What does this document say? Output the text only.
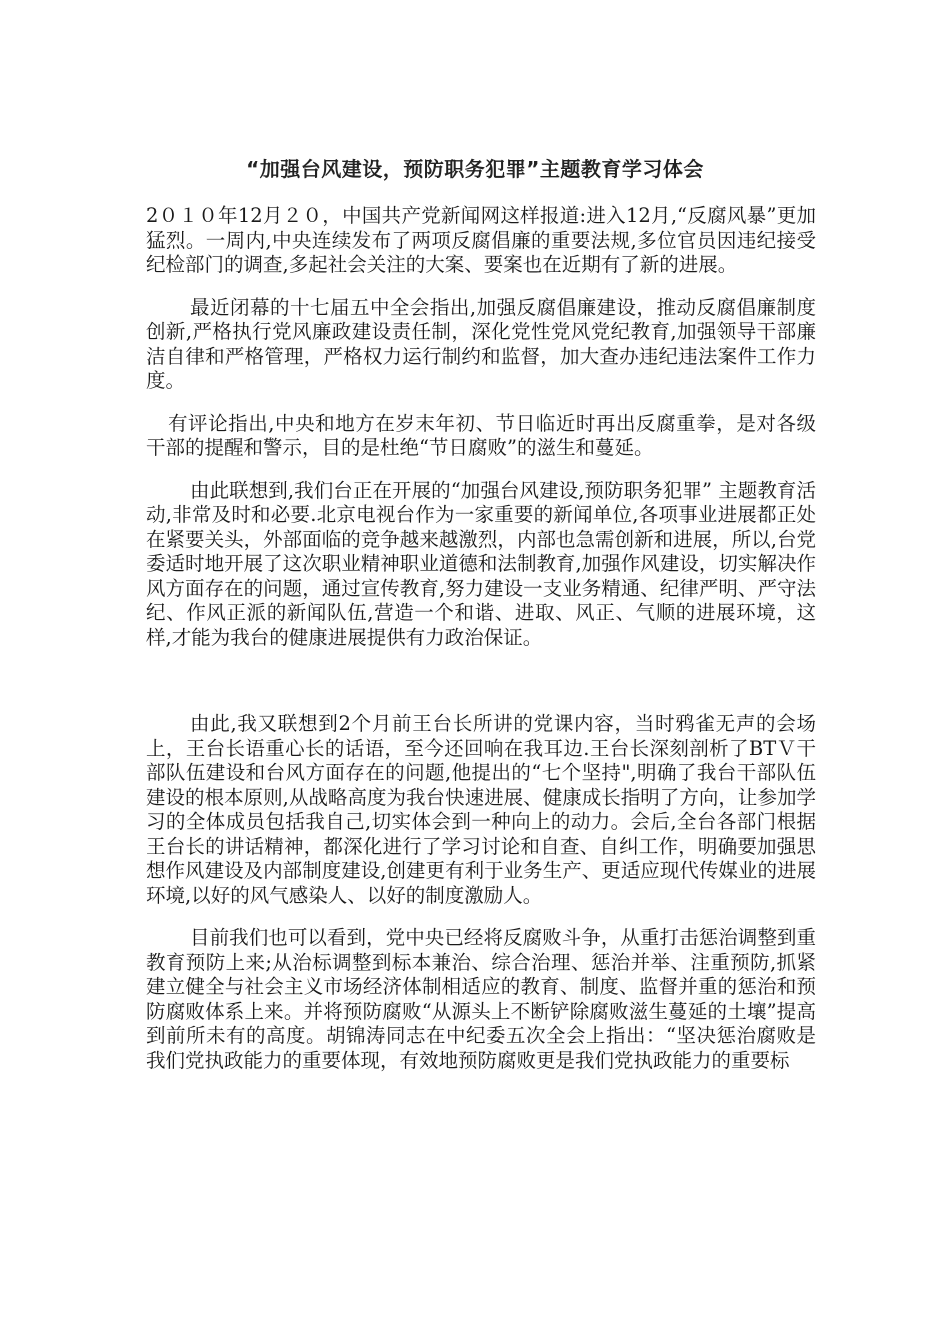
“加强台风建设，预防职务犯罪”主题教育学习体会

2０１０年12月２０，中国共产党新闻网这样报道:进入12月,“反腐风暴”更加猛烈。一周内,中央连续发布了两项反腐倡廉的重要法规,多位官员因违纪接受纪检部门的调查,多起社会关注的大案、要案也在近期有了新的进展。

最近闭幕的十七届五中全会指出,加强反腐倡廉建设，推动反腐倡廉制度创新,严格执行党风廉政建设责任制，深化党性党风党纪教育,加强领导干部廉洁自律和严格管理，严格权力运行制约和监督，加大查办违纪违法案件工作力度。

有评论指出,中央和地方在岁末年初、节日临近时再出反腐重拳，是对各级干部的提醒和警示，目的是杜绝“节日腐败”的滋生和蔓延。

由此联想到,我们台正在开展的“加强台风建设,预防职务犯罪” 主题教育活动,非常及时和必要.北京电视台作为一家重要的新闻单位,各项事业进展都正处在紧要关头，外部面临的竞争越来越激烈，内部也急需创新和进展，所以,台党委适时地开展了这次职业精神职业道德和法制教育,加强作风建设，切实解决作风方面存在的问题，通过宣传教育,努力建设一支业务精通、纪律严明、严守法纪、作风正派的新闻队伍,营造一个和谐、进取、风正、气顺的进展环境，这样,才能为我台的健康进展提供有力政治保证。

由此,我又联想到2个月前王台长所讲的党课内容，当时鸦雀无声的会场上，王台长语重心长的话语，至今还回响在我耳边.王台长深刻剖析了BTＶ干部队伍建设和台风方面存在的问题,他提出的“七个坚持",明确了我台干部队伍建设的根本原则,从战略高度为我台快速进展、健康成长指明了方向，让参加学习的全体成员包括我自己,切实体会到一种向上的动力。会后,全台各部门根据王台长的讲话精神，都深化进行了学习讨论和自查、自纠工作，明确要加强思想作风建设及内部制度建设,创建更有利于业务生产、更适应现代传媒业的进展环境,以好的风气感染人、以好的制度激励人。

目前我们也可以看到，党中央已经将反腐败斗争，从重打击惩治调整到重教育预防上来;从治标调整到标本兼治、综合治理、惩治并举、注重预防,抓紧建立健全与社会主义市场经济体制相适应的教育、制度、监督并重的惩治和预防腐败体系上来。并将预防腐败“从源头上不断铲除腐败滋生蔓延的土壤”提高到前所未有的高度。胡锦涛同志在中纪委五次全会上指出：“坚决惩治腐败是我们党执政能力的重要体现，有效地预防腐败更是我们党执政能力的重要标
